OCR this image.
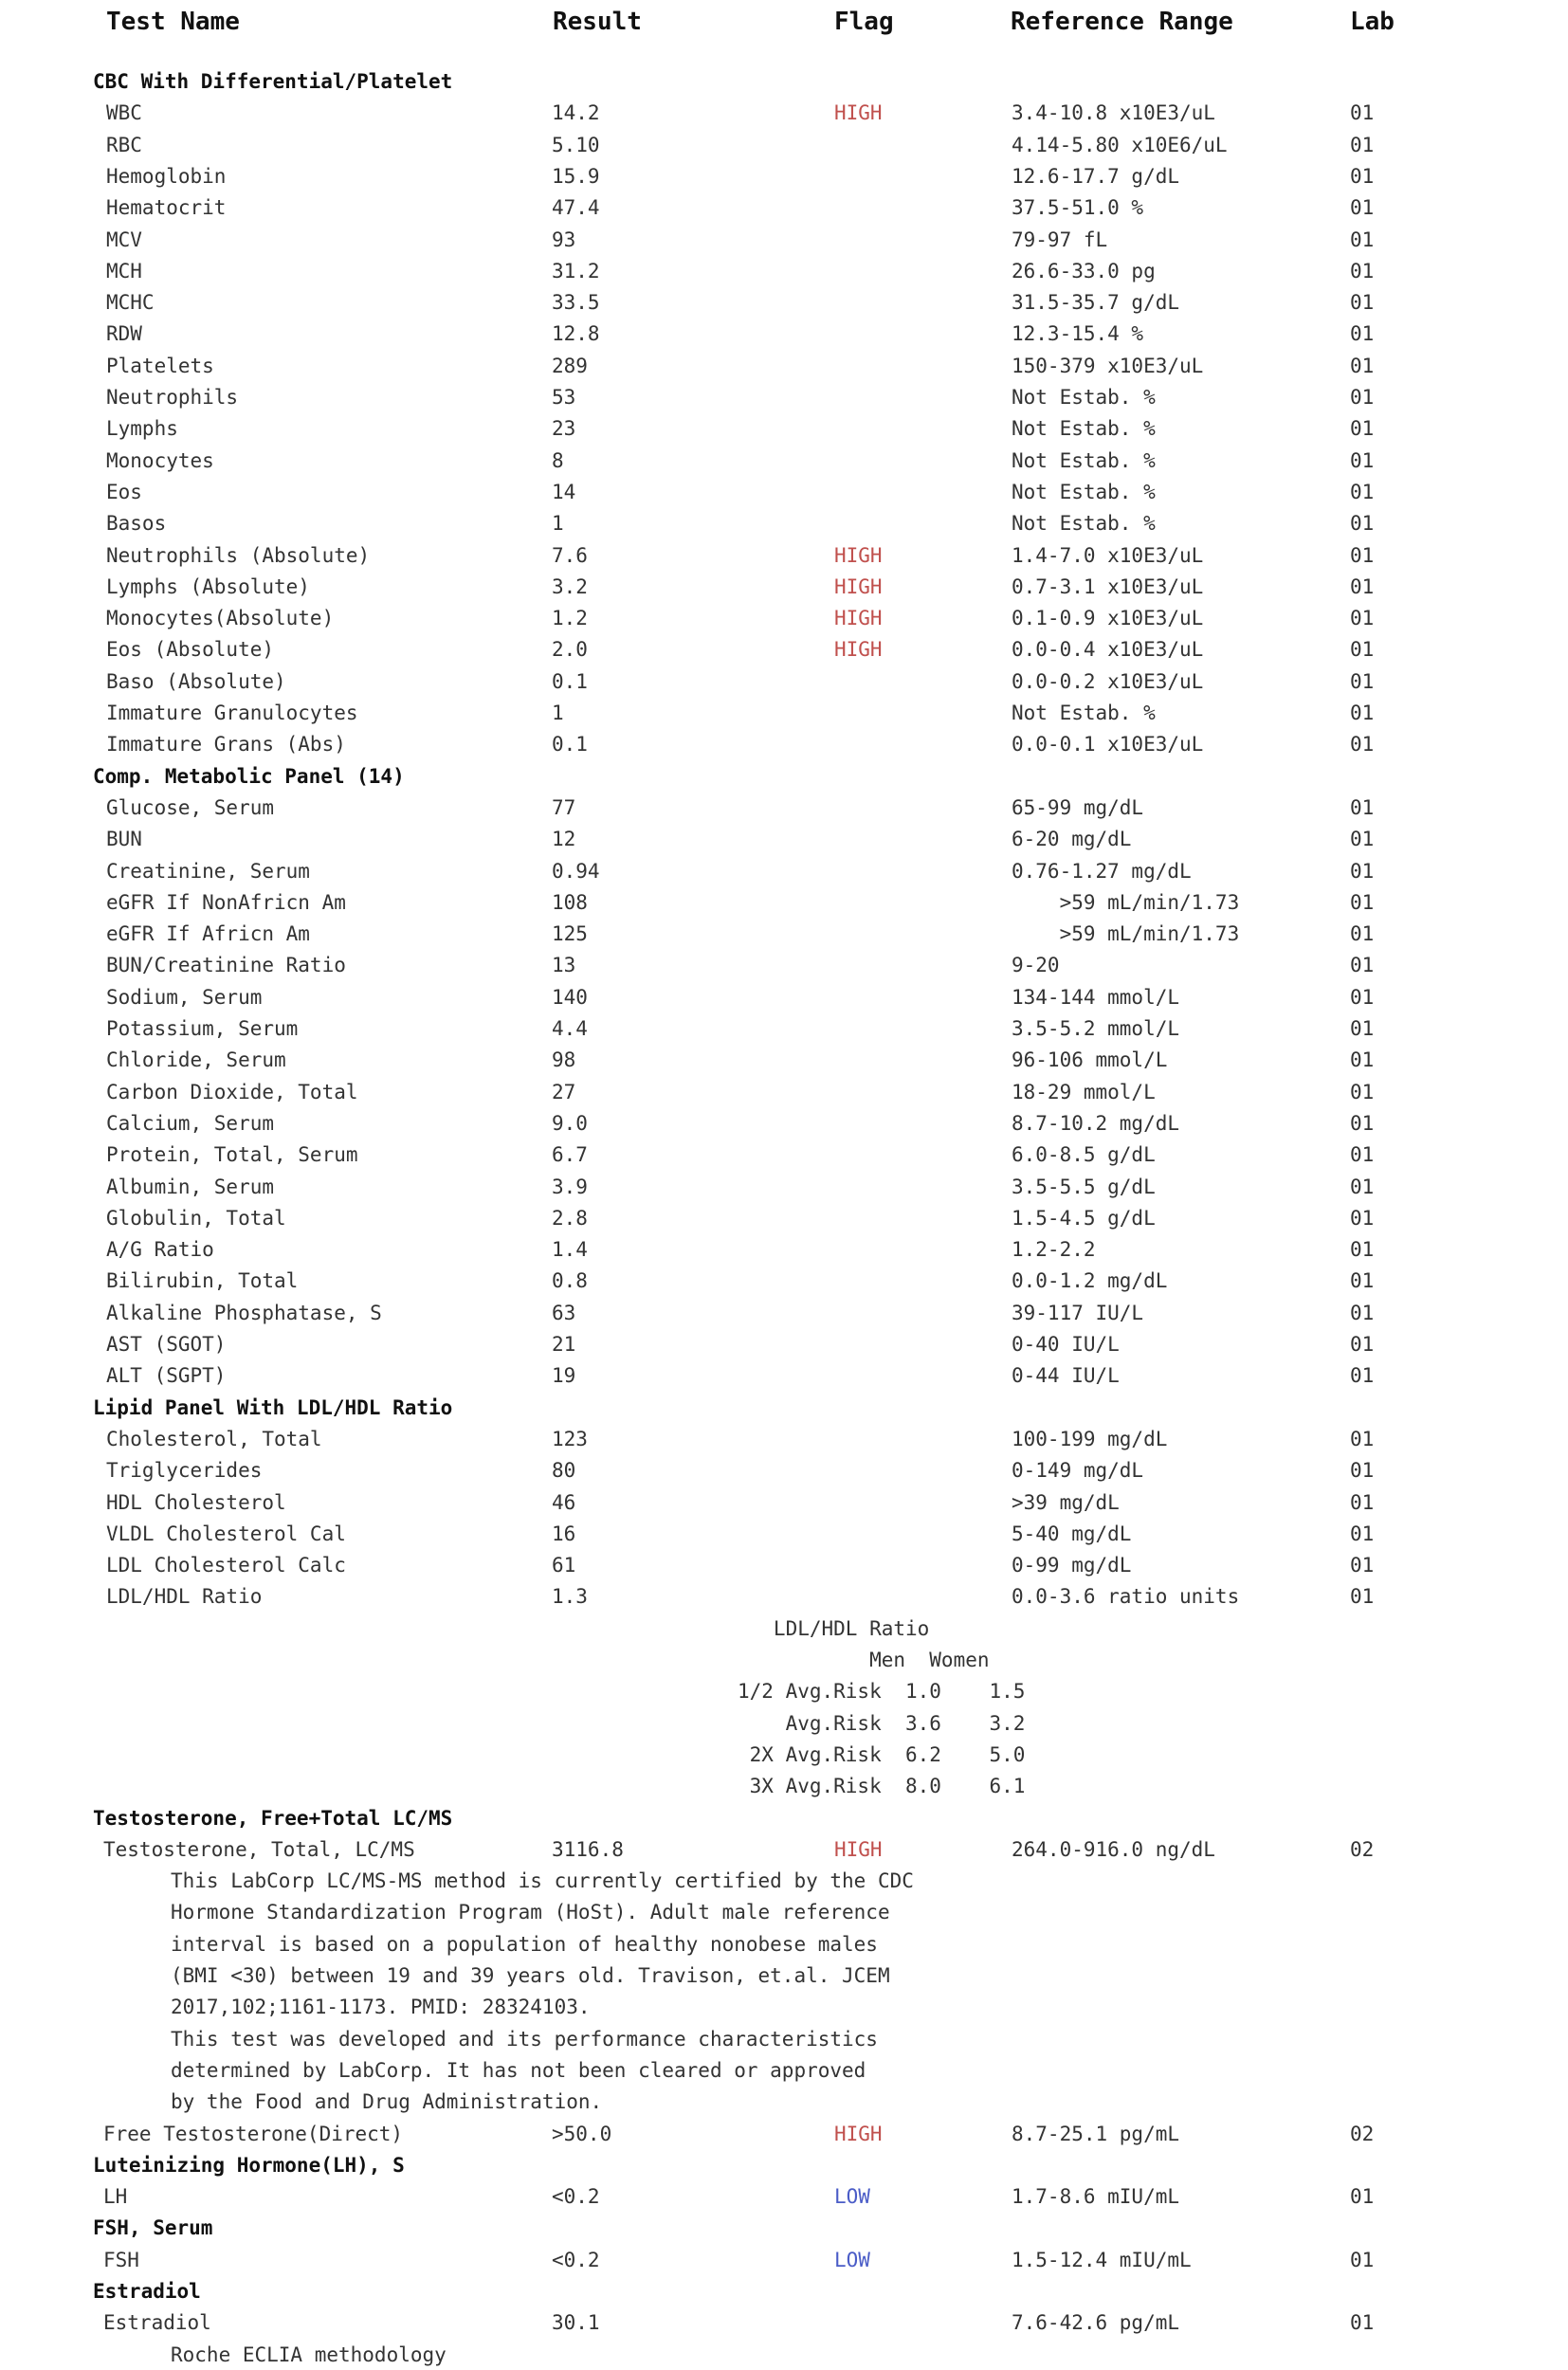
Test Name	Result	Flag	Reference Range	Lab
CBC With Differential/Platelet
WBC	14.2	HIGH	3.4-10.8 x10E3/uL	01
RBC	5.10	4.14-5.80 x10E6/uL	01
Hemoglobin	15.9	12.6-17.7 g/dL	01
Hematocrit	47.4	37.5-51.0 %	01
MCV	93	79-97 fL	01
MCH	31.2	26.6-33.0 pg	01
MCHC	33.5	31.5-35.7 g/dL	01
RDW	12.8	12.3-15.4 %	01
Platelets	289	150-379 x10E3/uL	01
Neutrophils	53	Not Estab. %	01
Lymphs	23	Not Estab. %	01
Monocytes	8	Not Estab. %	01
Eos	14	Not Estab. %	01
Basos	1	Not Estab. %	01
Neutrophils (Absolute)	7.6	HIGH	1.4-7.0 x10E3/uL	01
Lymphs (Absolute)	3.2	HIGH	0.7-3.1 x10E3/uL	01
Monocytes(Absolute)	1.2	HIGH	0.1-0.9 x10E3/uL	01
Eos (Absolute)	2.0	HIGH	0.0-0.4 x10E3/uL	01
Baso (Absolute)	0.1	0.0-0.2 x10E3/uL	01
Immature Granulocytes	1	Not Estab. %	01
Immature Grans (Abs)	0.1	0.0-0.1 x10E3/uL	01
Comp. Metabolic Panel (14)
Glucose, Serum	77	65-99 mg/dL	01
BUN	12	6-20 mg/dL	01
Creatinine, Serum	0.94	0.76-1.27 mg/dL	01
eGFR If NonAfricn Am	108	>59 mL/min/1.73	01
eGFR If Africn Am	125	>59 mL/min/1.73	01
BUN/Creatinine Ratio	13	9-20	01
Sodium, Serum	140	134-144 mmol/L	01
Potassium, Serum	4.4	3.5-5.2 mmol/L	01
Chloride, Serum	98	96-106 mmol/L	01
Carbon Dioxide, Total	27	18-29 mmol/L	01
Calcium, Serum	9.0	8.7-10.2 mg/dL	01
Protein, Total, Serum	6.7	6.0-8.5 g/dL	01
Albumin, Serum	3.9	3.5-5.5 g/dL	01
Globulin, Total	2.8	1.5-4.5 g/dL	01
A/G Ratio	1.4	1.2-2.2	01
Bilirubin, Total	0.8	0.0-1.2 mg/dL	01
Alkaline Phosphatase, S	63	39-117 IU/L	01
AST (SGOT)	21	0-40 IU/L	01
ALT (SGPT)	19	0-44 IU/L	01
Lipid Panel With LDL/HDL Ratio
Cholesterol, Total	123	100-199 mg/dL	01
Triglycerides	80	0-149 mg/dL	01
HDL Cholesterol	46	>39 mg/dL	01
VLDL Cholesterol Cal	16	5-40 mg/dL	01
LDL Cholesterol Calc	61	0-99 mg/dL	01
LDL/HDL Ratio	1.3	0.0-3.6 ratio units	01
LDL/HDL Ratio
Men  Women
1/2 Avg.Risk  1.0    1.5
Avg.Risk  3.6    3.2
2X Avg.Risk  6.2    5.0
3X Avg.Risk  8.0    6.1
Testosterone, Free+Total LC/MS
Testosterone, Total, LC/MS	3116.8	HIGH	264.0-916.0 ng/dL	02
This LabCorp LC/MS-MS method is currently certified by the CDC
Hormone Standardization Program (HoSt). Adult male reference
interval is based on a population of healthy nonobese males
(BMI <30) between 19 and 39 years old. Travison, et.al. JCEM
2017,102;1161-1173. PMID: 28324103.
This test was developed and its performance characteristics
determined by LabCorp. It has not been cleared or approved
by the Food and Drug Administration.
Free Testosterone(Direct)	>50.0	HIGH	8.7-25.1 pg/mL	02
Luteinizing Hormone(LH), S
LH	<0.2	LOW	1.7-8.6 mIU/mL	01
FSH, Serum
FSH	<0.2	LOW	1.5-12.4 mIU/mL	01
Estradiol
Estradiol	30.1	7.6-42.6 pg/mL	01
Roche ECLIA methodology
